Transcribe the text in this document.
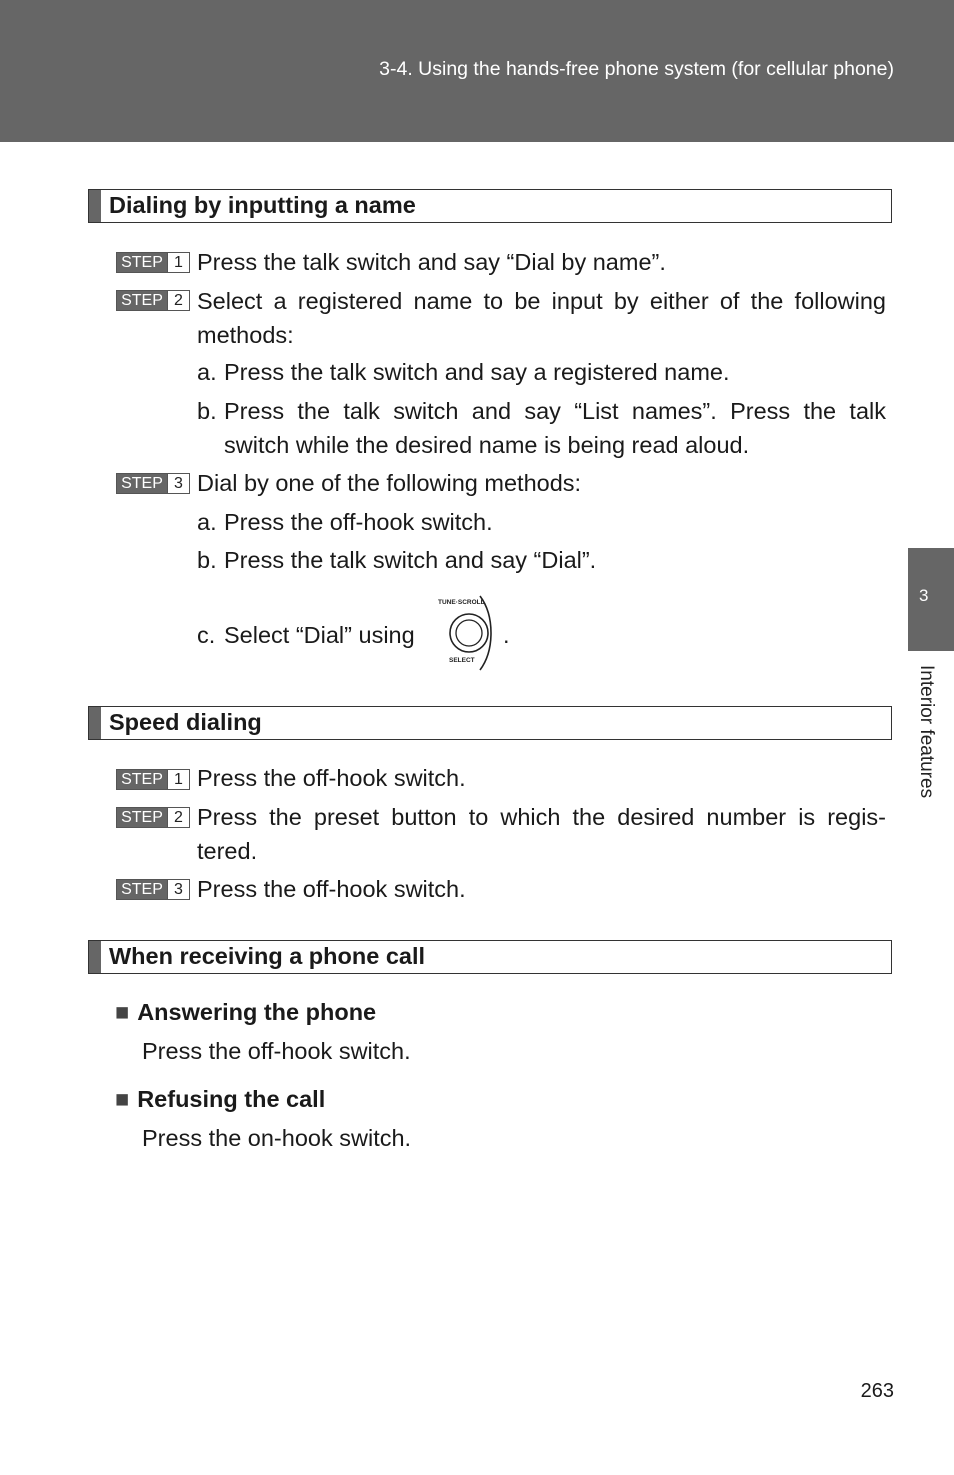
3-4. Using the hands-free phone system (for cellular phone)
3
Interior features
Dialing by inputting a name
STEP 1 Press the talk switch and say “Dial by name”.
STEP 2 Select a registered name to be input by either of the following methods:
a. Press the talk switch and say a registered name.
b. Press the talk switch and say “List names”. Press the talk switch while the desired name is being read aloud.
STEP 3 Dial by one of the following methods:
a. Press the off-hook switch.
b. Press the talk switch and say “Dial”.
c. Select “Dial” using	.
TUNE·SCROLL
SELECT
Speed dialing
STEP 1 Press the off-hook switch.
STEP 2 Press the preset button to which the desired number is regis-tered.
STEP 3 Press the off-hook switch.
When receiving a phone call
■ Answering the phone
Press the off-hook switch.
■ Refusing the call
Press the on-hook switch.
263
